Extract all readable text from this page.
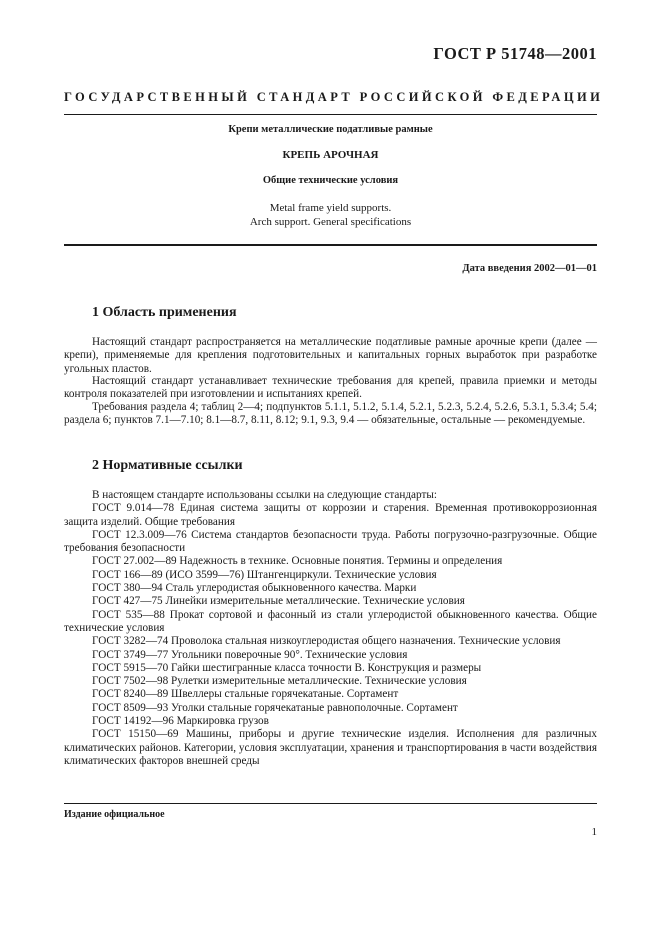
ГОСТ Р 51748—2001
ГОСУДАРСТВЕННЫЙ СТАНДАРТ РОССИЙСКОЙ ФЕДЕРАЦИИ
Крепи металлические податливые рамные
КРЕПЬ АРОЧНАЯ
Общие технические условия
Metal frame yield supports.
Arch support. General specifications
Дата введения 2002—01—01
1 Область применения

Настоящий стандарт распространяется на металлические податливые рамные арочные крепи (далее — крепи), применяемые для крепления подготовительных и капитальных горных выработок при разработке угольных пластов.

Настоящий стандарт устанавливает технические требования для крепей, правила приемки и методы контроля показателей при изготовлении и испытаниях крепей.

Требования раздела 4; таблиц 2—4; подпунктов 5.1.1, 5.1.2, 5.1.4, 5.2.1, 5.2.3, 5.2.4, 5.2.6, 5.3.1, 5.3.4; 5.4; раздела 6; пунктов 7.1—7.10; 8.1—8.7, 8.11, 8.12; 9.1, 9.3, 9.4 — обязательные, остальные — рекомендуемые.

2 Нормативные ссылки

В настоящем стандарте использованы ссылки на следующие стандарты:

ГОСТ 9.014—78 Единая система защиты от коррозии и старения. Временная противокоррозионная защита изделий. Общие требования

ГОСТ 12.3.009—76 Система стандартов безопасности труда. Работы погрузочно-разгрузочные. Общие требования безопасности

ГОСТ 27.002—89 Надежность в технике. Основные понятия. Термины и определения

ГОСТ 166—89 (ИСО 3599—76) Штангенциркули. Технические условия

ГОСТ 380—94 Сталь углеродистая обыкновенного качества. Марки

ГОСТ 427—75 Линейки измерительные металлические. Технические условия

ГОСТ 535—88 Прокат сортовой и фасонный из стали углеродистой обыкновенного качества. Общие технические условия

ГОСТ 3282—74 Проволока стальная низкоуглеродистая общего назначения. Технические условия

ГОСТ 3749—77 Угольники поверочные 90°. Технические условия

ГОСТ 5915—70 Гайки шестигранные класса точности В. Конструкция и размеры

ГОСТ 7502—98 Рулетки измерительные металлические. Технические условия

ГОСТ 8240—89 Швеллеры стальные горячекатаные. Сортамент

ГОСТ 8509—93 Уголки стальные горячекатаные равнополочные. Сортамент

ГОСТ 14192—96 Маркировка грузов

ГОСТ 15150—69 Машины, приборы и другие технические изделия. Исполнения для различных климатических районов. Категории, условия эксплуатации, хранения и транспортирования в части воздействия климатических факторов внешней среды

Издание официальное
1
